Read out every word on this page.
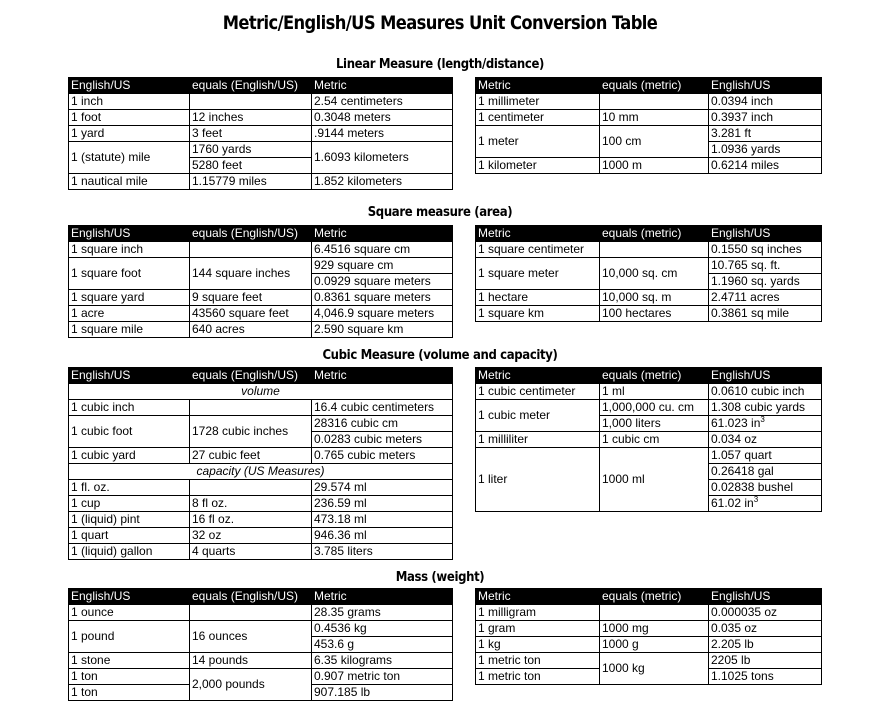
Metric/English/US Measures Unit Conversion Table
Linear Measure (length/distance)
English/US	equals (English/US)	Metric
1 inch		2.54 centimeters
1 foot	12 inches	0.3048 meters
1 yard	3 feet	.9144 meters
1 (statute) mile	1760 yards	1.6093 kilometers
	5280 feet	
1 nautical mile	1.15779 miles	1.852 kilometers
Metric	equals (metric)	English/US
1 millimeter		0.0394 inch
1 centimeter	10 mm	0.3937 inch
1 meter	100 cm	3.281 ft
		1.0936 yards
1 kilometer	1000 m	0.6214 miles
Square measure (area)
English/US	equals (English/US)	Metric
1 square inch		6.4516 square cm
1 square foot	144 square inches	929 square cm
		0.0929 square meters
1 square yard	9 square feet	0.8361 square meters
1 acre	43560 square feet	4,046.9 square meters
1 square mile	640 acres	2.590 square km
Metric	equals (metric)	English/US
1 square centimeter		0.1550 sq inches
1 square meter	10,000 sq. cm	10.765 sq. ft.
		1.1960 sq. yards
1 hectare	10,000 sq. m	2.4711 acres
1 square km	100 hectares	0.3861 sq mile
Cubic Measure (volume and capacity)
English/US	equals (English/US)	Metric
volume		
1 cubic inch		16.4 cubic centimeters
1 cubic foot	1728 cubic inches	28316 cubic cm
		0.0283 cubic meters
1 cubic yard	27 cubic feet	0.765 cubic meters
capacity (US Measures)		
1 fl. oz.		29.574 ml
1 cup	8 fl oz.	236.59 ml
1 (liquid) pint	16 fl oz.	473.18 ml
1 quart	32 oz	946.36 ml
1 (liquid) gallon	4 quarts	3.785 liters
Metric	equals (metric)	English/US
1 cubic centimeter	1 ml	0.0610 cubic inch
1 cubic meter	1,000,000 cu. cm	1.308 cubic yards
	1,000 liters	61.023 $in^3$
1 milliliter	1 cubic cm	0.034 oz
1 liter	1000 ml	1.057 quart
		0.26418 gal
		0.02838 bushel
		61.02 $in^3$
Mass (weight)
English/US	equals (English/US)	Metric
1 ounce		28.35 grams
1 pound	16 ounces	0.4536 kg
		453.6 g
1 stone	14 pounds	6.35 kilograms
1 ton	2,000 pounds	0.907 metric ton
1 ton		907.185 lb
Metric	equals (metric)	English/US
1 milligram		0.000035 oz
1 gram	1000 mg	0.035 oz
1 kg	1000 g	2.205 lb
1 metric ton	1000 kg	2205 lb
1 metric ton		1.1025 tons
